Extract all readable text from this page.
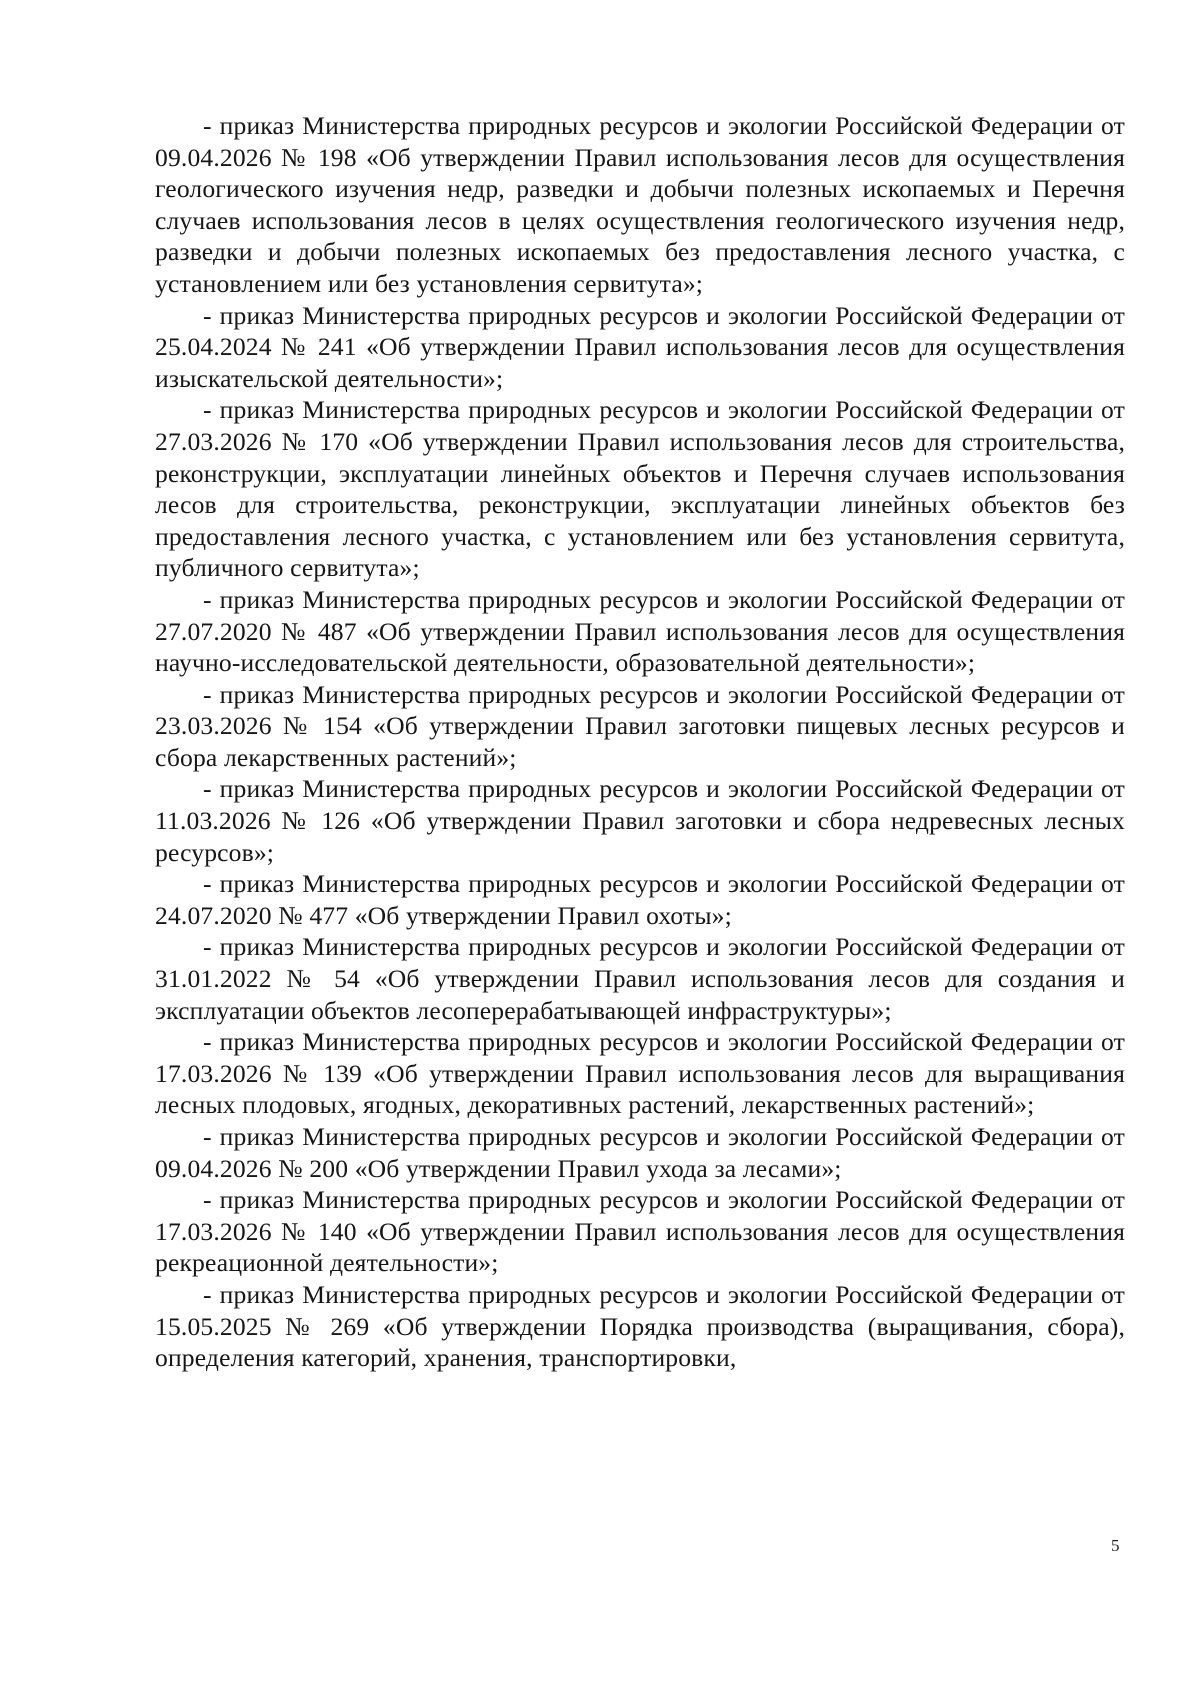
- приказ Министерства природных ресурсов и экологии Российской Федерации от 09.04.2026 № 198 «Об утверждении Правил использования лесов для осуществления геологического изучения недр, разведки и добычи полезных ископаемых и Перечня случаев использования лесов в целях осуществления геологического изучения недр, разведки и добычи полезных ископаемых без предоставления лесного участка, с установлением или без установления сервитута»;

- приказ Министерства природных ресурсов и экологии Российской Федерации от 25.04.2024 № 241 «Об утверждении Правил использования лесов для осуществления изыскательской деятельности»;

- приказ Министерства природных ресурсов и экологии Российской Федерации от 27.03.2026 № 170 «Об утверждении Правил использования лесов для строительства, реконструкции, эксплуатации линейных объектов и Перечня случаев использования лесов для строительства, реконструкции, эксплуатации линейных объектов без предоставления лесного участка, с установлением или без установления сервитута, публичного сервитута»;

- приказ Министерства природных ресурсов и экологии Российской Федерации от 27.07.2020 № 487 «Об утверждении Правил использования лесов для осуществления научно-исследовательской деятельности, образовательной деятельности»;

- приказ Министерства природных ресурсов и экологии Российской Федерации от 23.03.2026 № 154 «Об утверждении Правил заготовки пищевых лесных ресурсов и сбора лекарственных растений»;

- приказ Министерства природных ресурсов и экологии Российской Федерации от 11.03.2026 № 126 «Об утверждении Правил заготовки и сбора недревесных лесных ресурсов»;

- приказ Министерства природных ресурсов и экологии Российской Федерации от 24.07.2020 № 477 «Об утверждении Правил охоты»;

- приказ Министерства природных ресурсов и экологии Российской Федерации от 31.01.2022 № 54 «Об утверждении Правил использования лесов для создания и эксплуатации объектов лесоперерабатывающей инфраструктуры»;

- приказ Министерства природных ресурсов и экологии Российской Федерации от 17.03.2026 № 139 «Об утверждении Правил использования лесов для выращивания лесных плодовых, ягодных, декоративных растений, лекарственных растений»;

- приказ Министерства природных ресурсов и экологии Российской Федерации от 09.04.2026 № 200 «Об утверждении Правил ухода за лесами»;

- приказ Министерства природных ресурсов и экологии Российской Федерации от 17.03.2026 № 140 «Об утверждении Правил использования лесов для осуществления рекреационной деятельности»;

- приказ Министерства природных ресурсов и экологии Российской Федерации от 15.05.2025 № 269 «Об утверждении Порядка производства (выращивания, сбора), определения категорий, хранения, транспортировки,

5
